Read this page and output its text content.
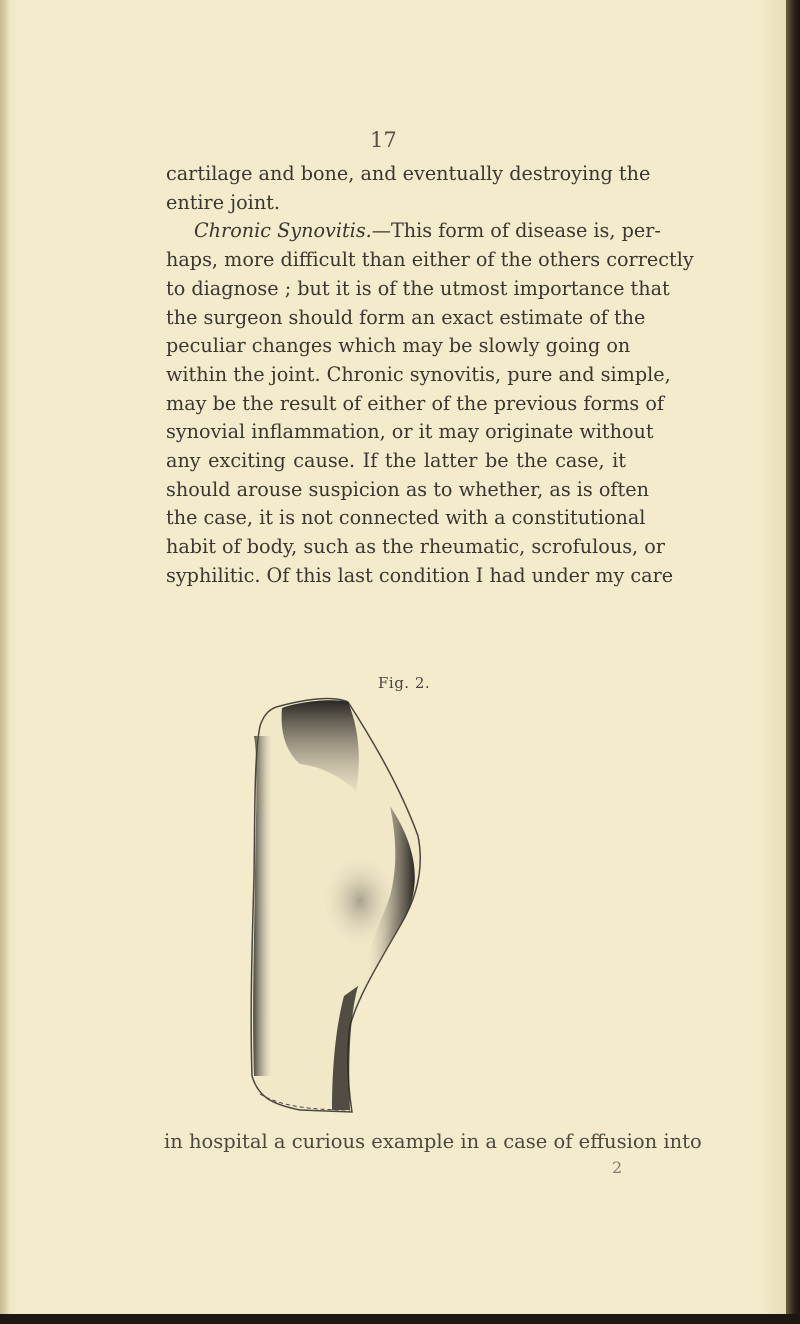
17
cartilage and bone, and eventually destroying the
entire joint.
Chronic Synovitis.—This form of disease is, per-
haps, more difficult than either of the others correctly
to diagnose ; but it is of the utmost importance that
the surgeon should form an exact estimate of the
peculiar changes which may be slowly going on
within the joint. Chronic synovitis, pure and simple,
may be the result of either of the previous forms of
synovial inflammation, or it may originate without
any exciting cause. If the latter be the case, it
should arouse suspicion as to whether, as is often
the case, it is not connected with a constitutional
habit of body, such as the rheumatic, scrofulous, or
syphilitic. Of this last condition I had under my care
Fig. 2.
in hospital a curious example in a case of effusion into
2
